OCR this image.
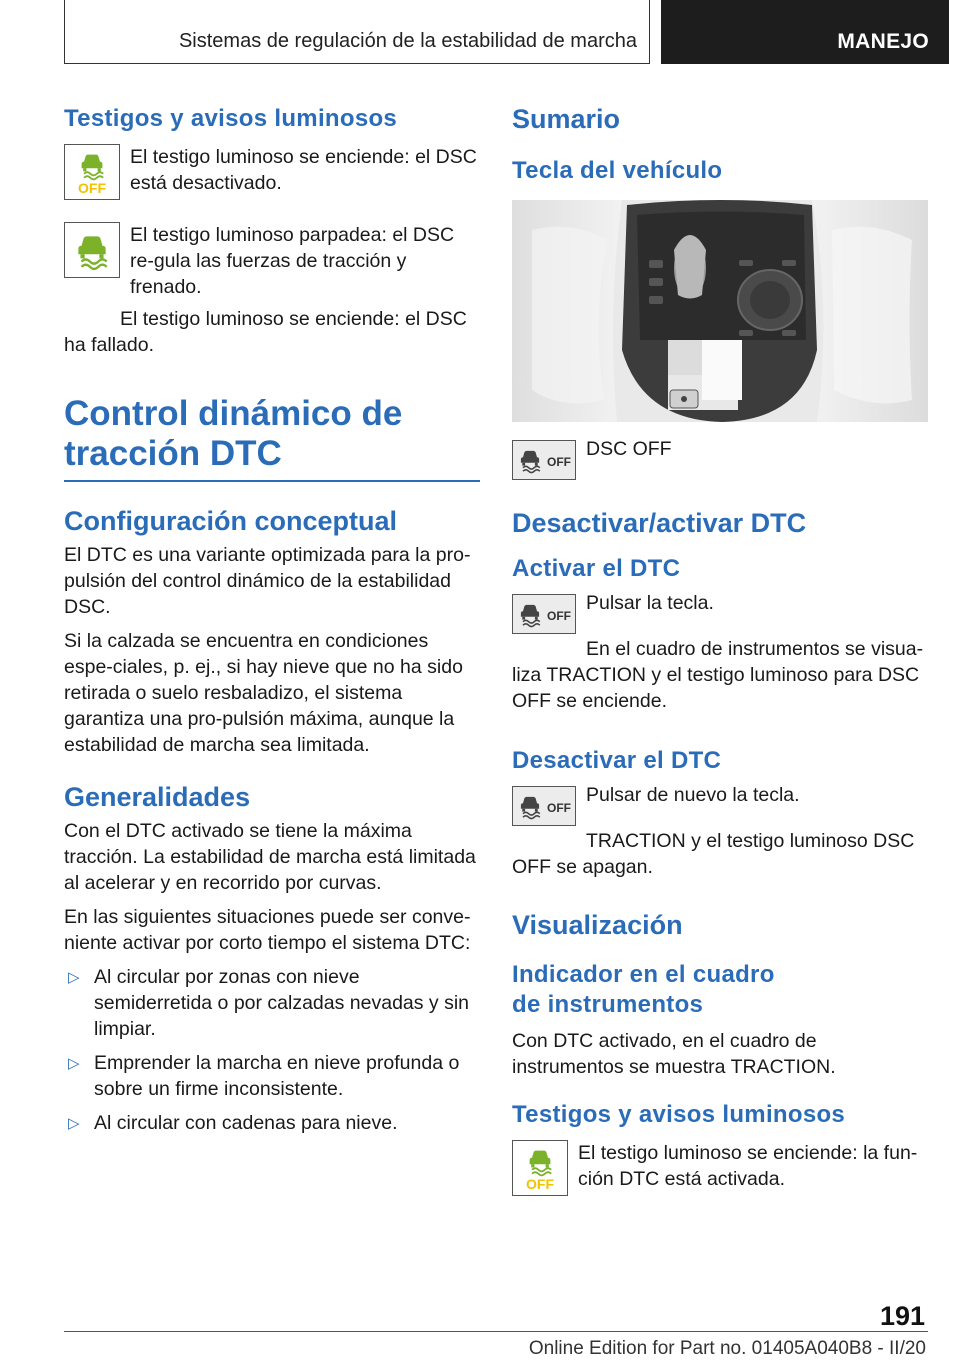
Sistemas de regulación de la estabilidad de marcha	MANEJO
Testigos y avisos luminosos
OFF

El testigo luminoso se enciende: el DSC está desactivado.

El testigo luminoso parpadea: el DSC re-gula las fuerzas de tracción y frenado.

El testigo luminoso se enciende: el DSC ha fallado.

Control dinámico de tracción DTC
Configuración conceptual

El DTC es una variante optimizada para la pro-pulsión del control dinámico de la estabilidad DSC.

Si la calzada se encuentra en condiciones espe-ciales, p. ej., si hay nieve que no ha sido retirada o suelo resbaladizo, el sistema garantiza una pro-pulsión máxima, aunque la estabilidad de marcha sea limitada.

Generalidades

Con el DTC activado se tiene la máxima tracción. La estabilidad de marcha está limitada al acelerar y en recorrido por curvas.

En las siguientes situaciones puede ser conve-niente activar por corto tiempo el sistema DTC:

▷ Al circular por zonas con nieve semiderretida o por calzadas nevadas y sin limpiar.
▷ Emprender la marcha en nieve profunda o sobre un firme inconsistente.
▷ Al circular con cadenas para nieve.
Sumario
Tecla del vehículo
OFF

DSC OFF

Desactivar/activar DTC
Activar el DTC
OFF

Pulsar la tecla.

En el cuadro de instrumentos se visua-liza TRACTION y el testigo luminoso para DSC OFF se enciende.

Desactivar el DTC
OFF

Pulsar de nuevo la tecla.

TRACTION y el testigo luminoso DSC OFF se apagan.

Visualización
Indicador en el cuadro de instrumentos

Con DTC activado, en el cuadro de instrumentos se muestra TRACTION.

Testigos y avisos luminosos
OFF

El testigo luminoso se enciende: la fun-ción DTC está activada.

191
Online Edition for Part no. 01405A040B8 - II/20
